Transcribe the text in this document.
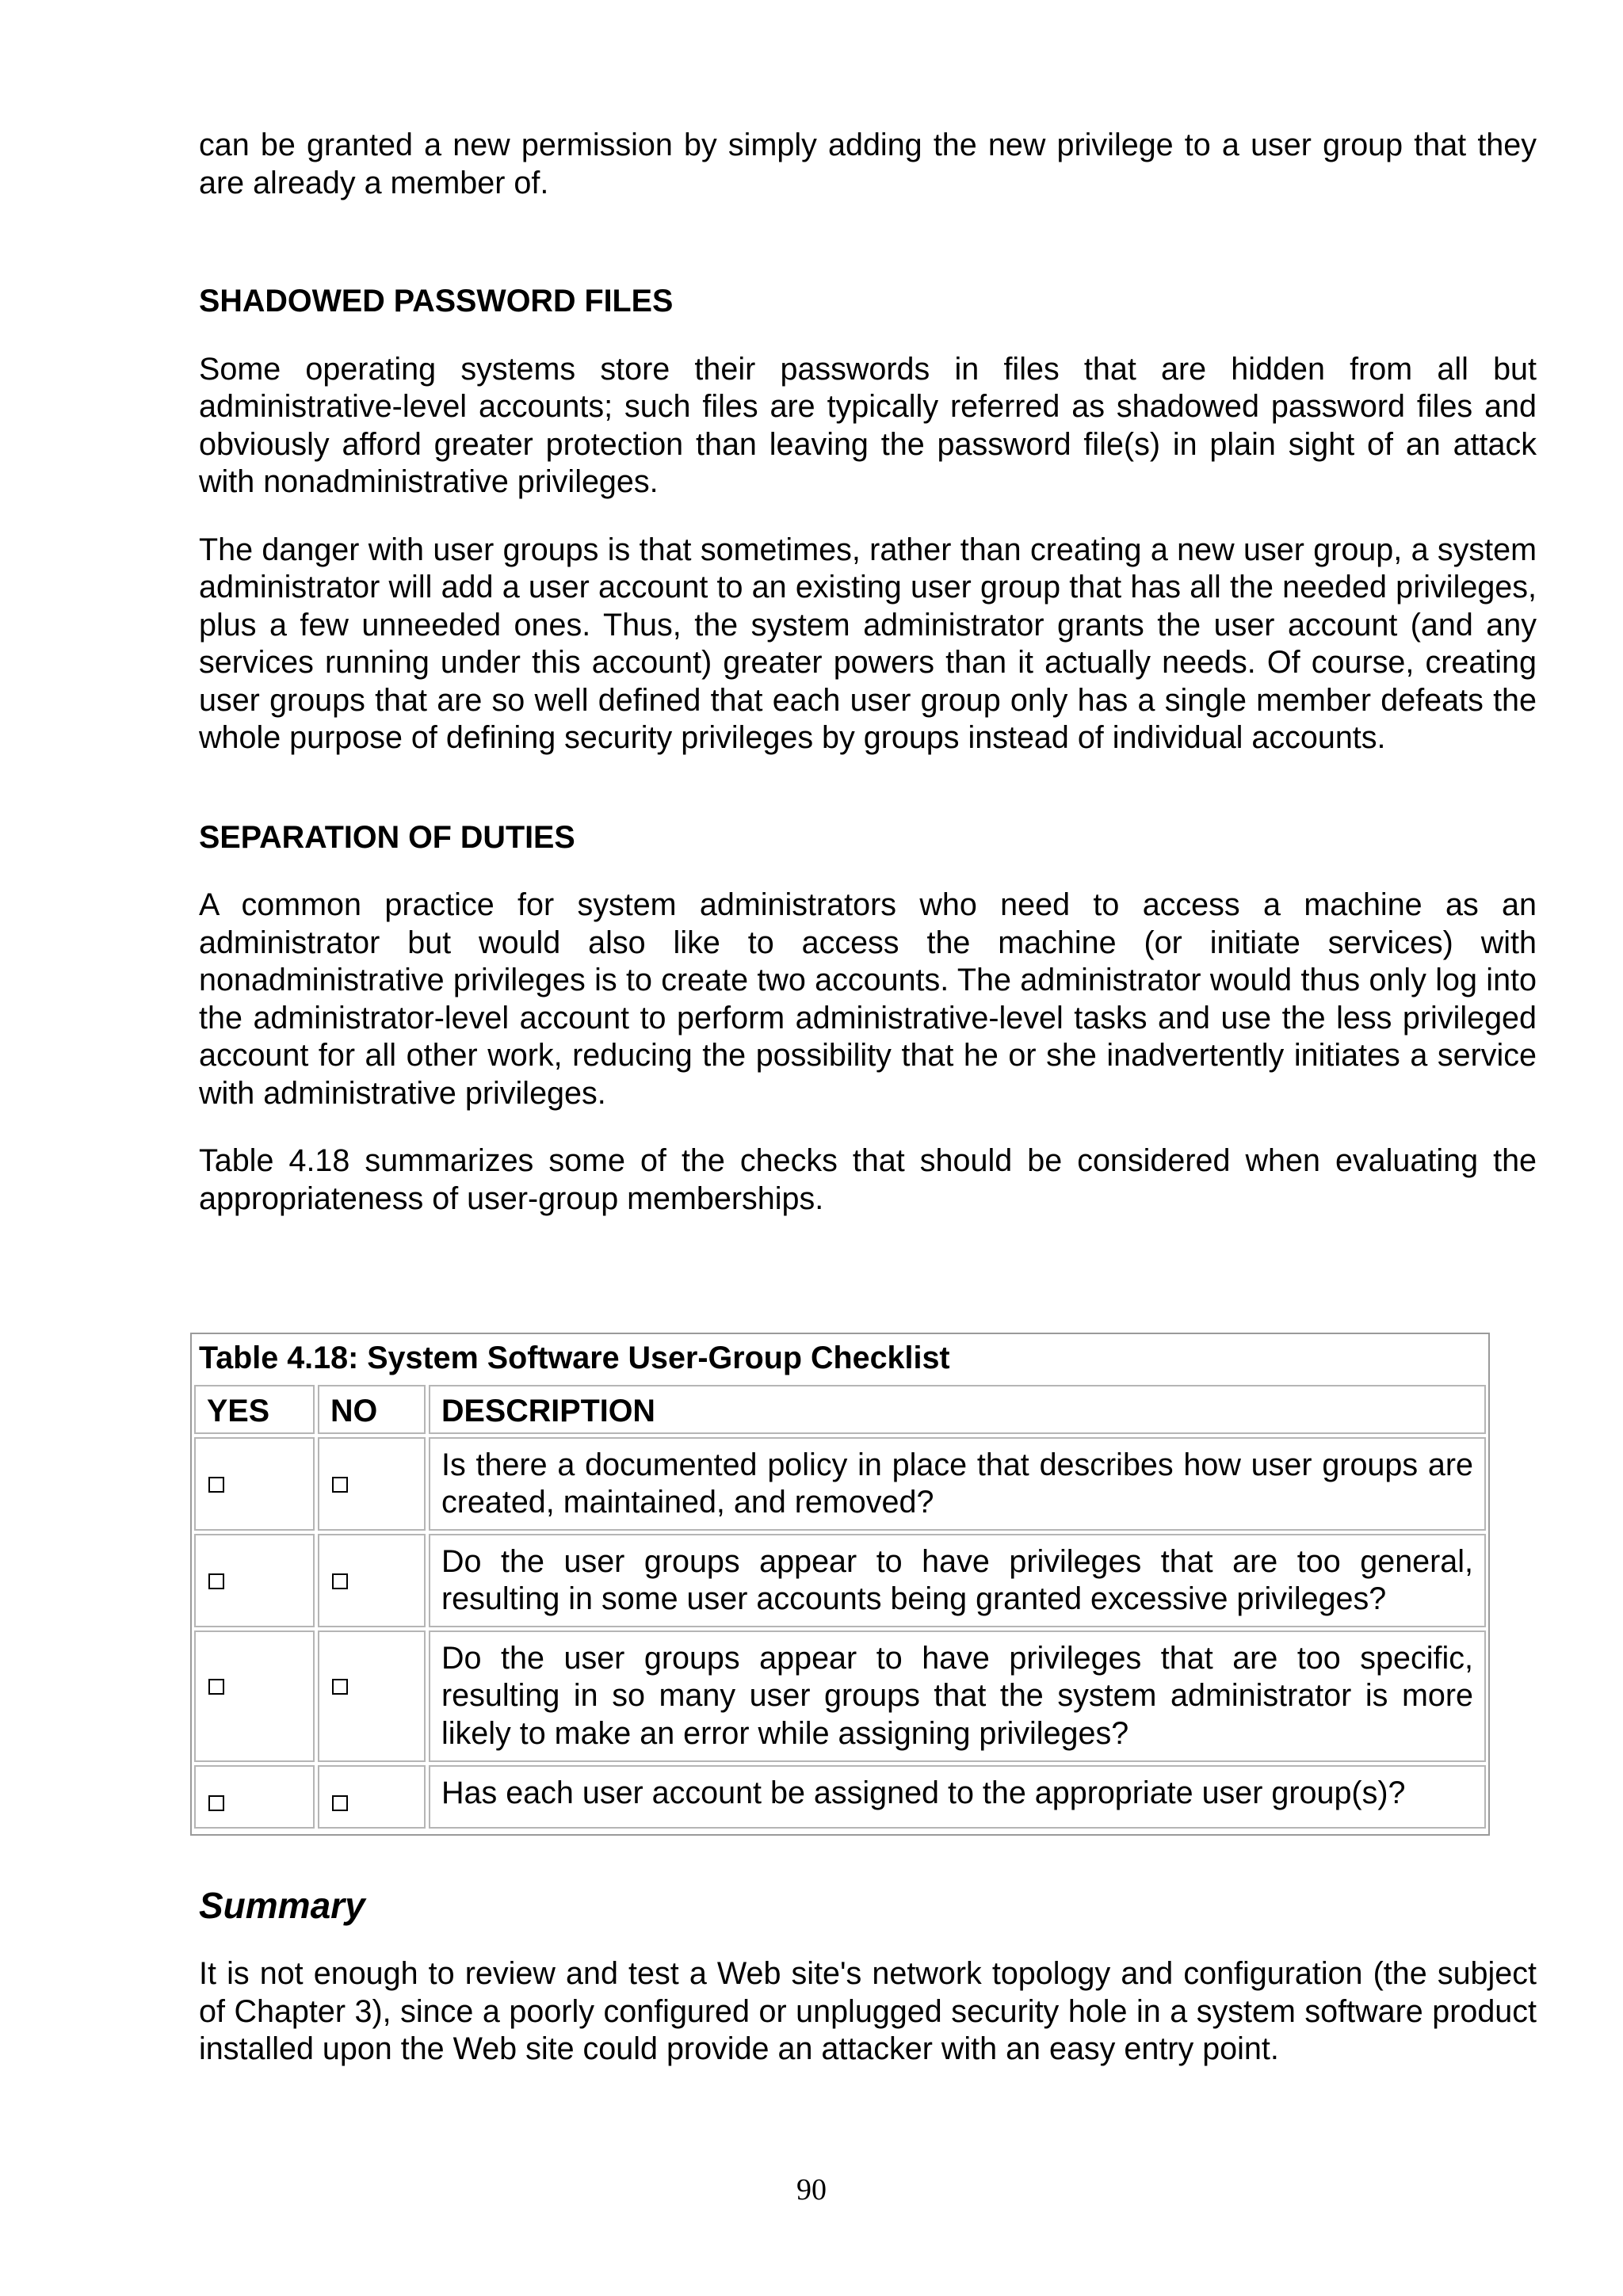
can be granted a new permission by simply adding the new privilege to a user group that they are already a member of.

SHADOWED PASSWORD FILES

Some operating systems store their passwords in files that are hidden from all but administrative-level accounts; such files are typically referred as shadowed password files and obviously afford greater protection than leaving the password file(s) in plain sight of an attack with nonadministrative privileges.

The danger with user groups is that sometimes, rather than creating a new user group, a system administrator will add a user account to an existing user group that has all the needed privileges, plus a few unneeded ones. Thus, the system administrator grants the user account (and any services running under this account) greater powers than it actually needs. Of course, creating user groups that are so well defined that each user group only has a single member defeats the whole purpose of defining security privileges by groups instead of individual accounts.

SEPARATION OF DUTIES

A common practice for system administrators who need to access a machine as an administrator but would also like to access the machine (or initiate services) with nonadministrative privileges is to create two accounts. The administrator would thus only log into the administrator-level account to perform administrative-level tasks and use the less privileged account for all other work, reducing the possibility that he or she inadvertently initiates a service with administrative privileges.

Table 4.18 summarizes some of the checks that should be considered when evaluating the appropriateness of user-group memberships.

Table 4.18: System Software User-Group Checklist
YES	NO	DESCRIPTION
		Is there a documented policy in place that describes how user groups are created, maintained, and removed?
		Do the user groups appear to have privileges that are too general, resulting in some user accounts being granted excessive privileges?
		Do the user groups appear to have privileges that are too specific, resulting in so many user groups that the system administrator is more likely to make an error while assigning privileges?
		Has each user account be assigned to the appropriate user group(s)?
Summary

It is not enough to review and test a Web site's network topology and configuration (the subject of Chapter 3), since a poorly configured or unplugged security hole in a system software product installed upon the Web site could provide an attacker with an easy entry point.

90
